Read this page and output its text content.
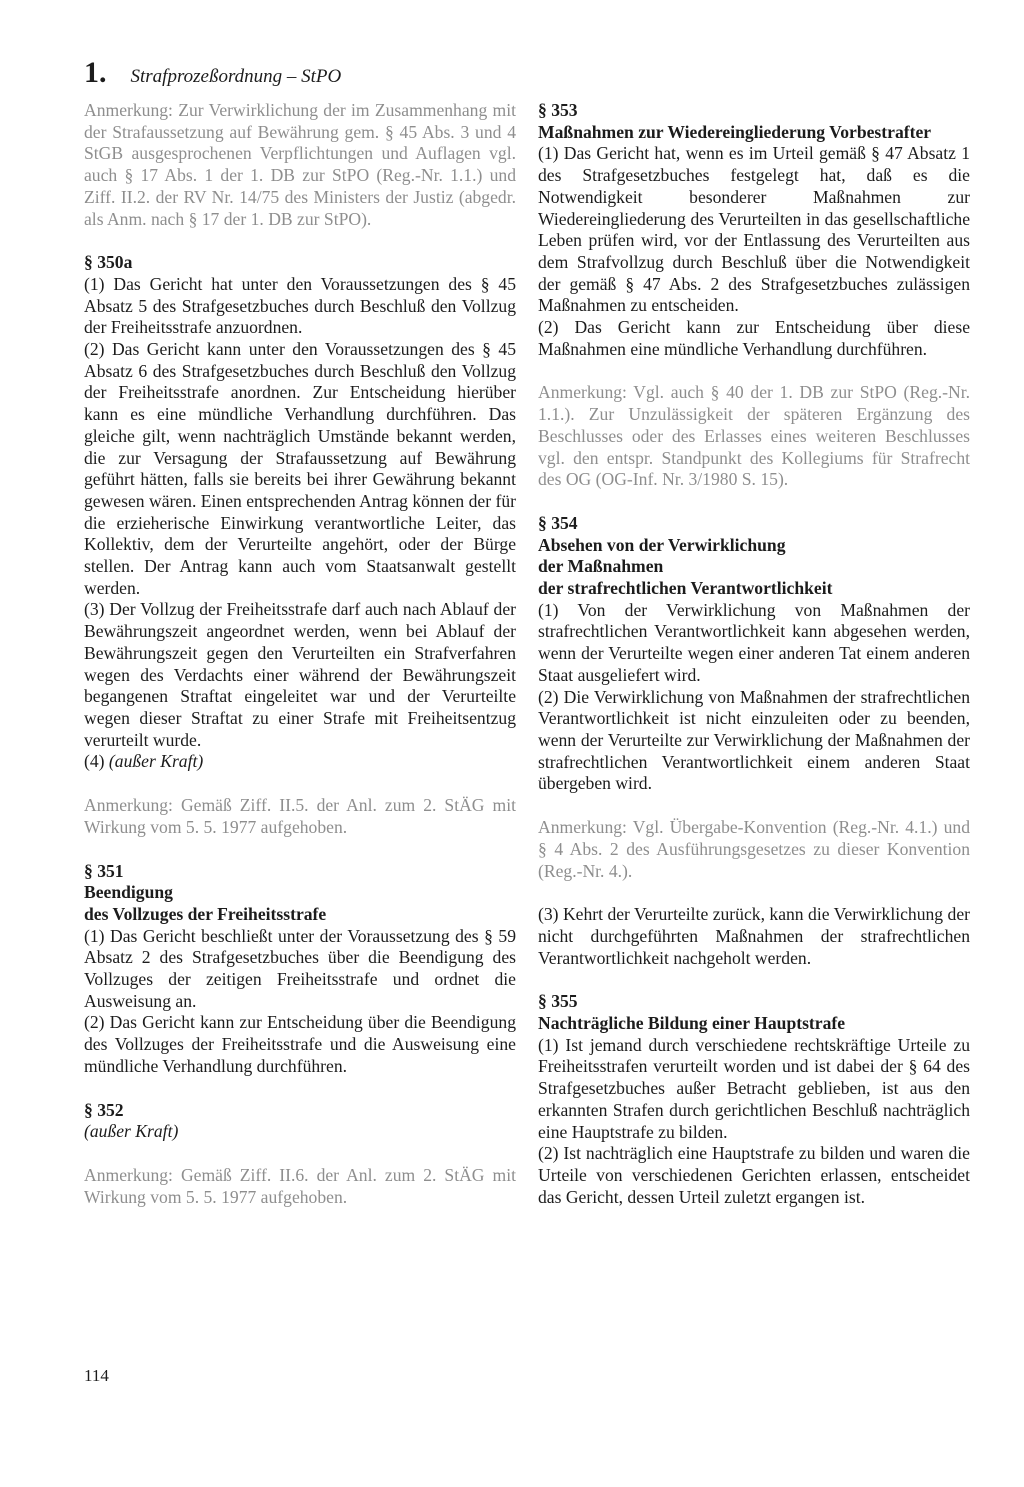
1. Strafprozeßordnung – StPO

Anmerkung: Zur Verwirklichung der im Zusammenhang mit der Strafaussetzung auf Bewährung gem. § 45 Abs. 3 und 4 StGB ausgesprochenen Verpflichtungen und Auflagen vgl. auch § 17 Abs. 1 der 1. DB zur StPO (Reg.-Nr. 1.1.) und Ziff. II.2. der RV Nr. 14/75 des Ministers der Justiz (abgedr. als Anm. nach § 17 der 1. DB zur StPO).

§ 350a

(1) Das Gericht hat unter den Voraussetzungen des § 45 Absatz 5 des Strafgesetzbuches durch Beschluß den Vollzug der Freiheitsstrafe anzuordnen.

(2) Das Gericht kann unter den Voraussetzungen des § 45 Absatz 6 des Strafgesetzbuches durch Beschluß den Vollzug der Freiheitsstrafe anordnen. Zur Entscheidung hierüber kann es eine mündliche Verhandlung durchführen. Das gleiche gilt, wenn nachträglich Umstände bekannt werden, die zur Versagung der Strafaussetzung auf Bewährung geführt hätten, falls sie bereits bei ihrer Gewährung bekannt gewesen wären. Einen entsprechenden Antrag können der für die erzieherische Einwirkung verantwortliche Leiter, das Kollektiv, dem der Verurteilte angehört, oder der Bürge stellen. Der Antrag kann auch vom Staatsanwalt gestellt werden.

(3) Der Vollzug der Freiheitsstrafe darf auch nach Ablauf der Bewährungszeit angeordnet werden, wenn bei Ablauf der Bewährungszeit gegen den Verurteilten ein Strafverfahren wegen des Verdachts einer während der Bewährungszeit begangenen Straftat eingeleitet war und der Verurteilte wegen dieser Straftat zu einer Strafe mit Freiheitsentzug verurteilt wurde.

(4) (außer Kraft)

Anmerkung: Gemäß Ziff. II.5. der Anl. zum 2. StÄG mit Wirkung vom 5. 5. 1977 aufgehoben.

§ 351
Beendigung
des Vollzuges der Freiheitsstrafe

(1) Das Gericht beschließt unter der Voraussetzung des § 59 Absatz 2 des Strafgesetzbuches über die Beendigung des Vollzuges der zeitigen Freiheitsstrafe und ordnet die Ausweisung an.

(2) Das Gericht kann zur Entscheidung über die Beendigung des Vollzuges der Freiheitsstrafe und die Ausweisung eine mündliche Verhandlung durchführen.

§ 352
(außer Kraft)

Anmerkung: Gemäß Ziff. II.6. der Anl. zum 2. StÄG mit Wirkung vom 5. 5. 1977 aufgehoben.

§ 353
Maßnahmen zur Wiedereingliederung Vorbestrafter

(1) Das Gericht hat, wenn es im Urteil gemäß § 47 Absatz 1 des Strafgesetzbuches festgelegt hat, daß es die Notwendigkeit besonderer Maßnahmen zur Wiedereingliederung des Verurteilten in das gesellschaftliche Leben prüfen wird, vor der Entlassung des Verurteilten aus dem Strafvollzug durch Beschluß über die Notwendigkeit der gemäß § 47 Abs. 2 des Strafgesetzbuches zulässigen Maßnahmen zu entscheiden.

(2) Das Gericht kann zur Entscheidung über diese Maßnahmen eine mündliche Verhandlung durchführen.

Anmerkung: Vgl. auch § 40 der 1. DB zur StPO (Reg.-Nr. 1.1.). Zur Unzulässigkeit der späteren Ergänzung des Beschlusses oder des Erlasses eines weiteren Beschlusses vgl. den entspr. Standpunkt des Kollegiums für Strafrecht des OG (OG-Inf. Nr. 3/1980 S. 15).

§ 354
Absehen von der Verwirklichung
der Maßnahmen
der strafrechtlichen Verantwortlichkeit

(1) Von der Verwirklichung von Maßnahmen der strafrechtlichen Verantwortlichkeit kann abgesehen werden, wenn der Verurteilte wegen einer anderen Tat einem anderen Staat ausgeliefert wird.

(2) Die Verwirklichung von Maßnahmen der strafrechtlichen Verantwortlichkeit ist nicht einzuleiten oder zu beenden, wenn der Verurteilte zur Verwirklichung der Maßnahmen der strafrechtlichen Verantwortlichkeit einem anderen Staat übergeben wird.

Anmerkung: Vgl. Übergabe-Konvention (Reg.-Nr. 4.1.) und § 4 Abs. 2 des Ausführungsgesetzes zu dieser Konvention (Reg.-Nr. 4.).

(3) Kehrt der Verurteilte zurück, kann die Verwirklichung der nicht durchgeführten Maßnahmen der strafrechtlichen Verantwortlichkeit nachgeholt werden.

§ 355
Nachträgliche Bildung einer Hauptstrafe

(1) Ist jemand durch verschiedene rechtskräftige Urteile zu Freiheitsstrafen verurteilt worden und ist dabei der § 64 des Strafgesetzbuches außer Betracht geblieben, ist aus den erkannten Strafen durch gerichtlichen Beschluß nachträglich eine Hauptstrafe zu bilden.

(2) Ist nachträglich eine Hauptstrafe zu bilden und waren die Urteile von verschiedenen Gerichten erlassen, entscheidet das Gericht, dessen Urteil zuletzt ergangen ist.

114
